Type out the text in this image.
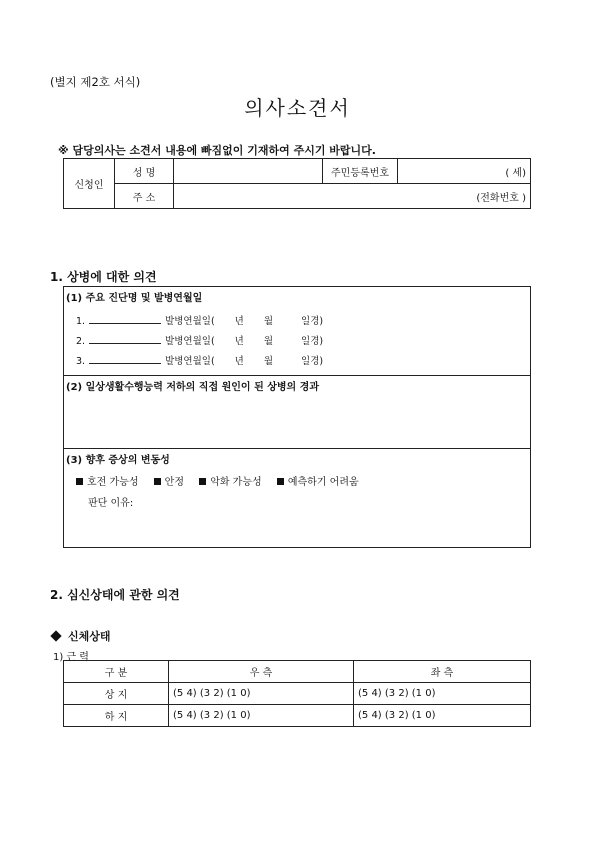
(별지 제2호 서식)
의사소견서
※ 담당의사는 소견서 내용에 빠짐없이 기재하여 주시기 바랍니다.
신청인	성 명		주민등록번호	( 세)
	주 소	(전화번호 )		
1. 상병에 대한 의견
(1) 주요 진단명 및 발병연월일
1.	발병연월일( 년 월	일경)
2.	발병연월일( 년 월	일경)
3.	발병연월일( 년 월	일경)
(2) 일상생활수행능력 저하의 직접 원인이 된 상병의 경과
(3) 향후 증상의 변동성
호전 가능성	안정	악화 가능성	예측하기 어려움
판단 이유:
2. 심신상태에 관한 의견
신체상태
1) 근 력
구 분	우 측	좌 측
상 지	(5 4) (3 2) (1 0)	(5 4) (3 2) (1 0)
하 지	(5 4) (3 2) (1 0)	(5 4) (3 2) (1 0)
